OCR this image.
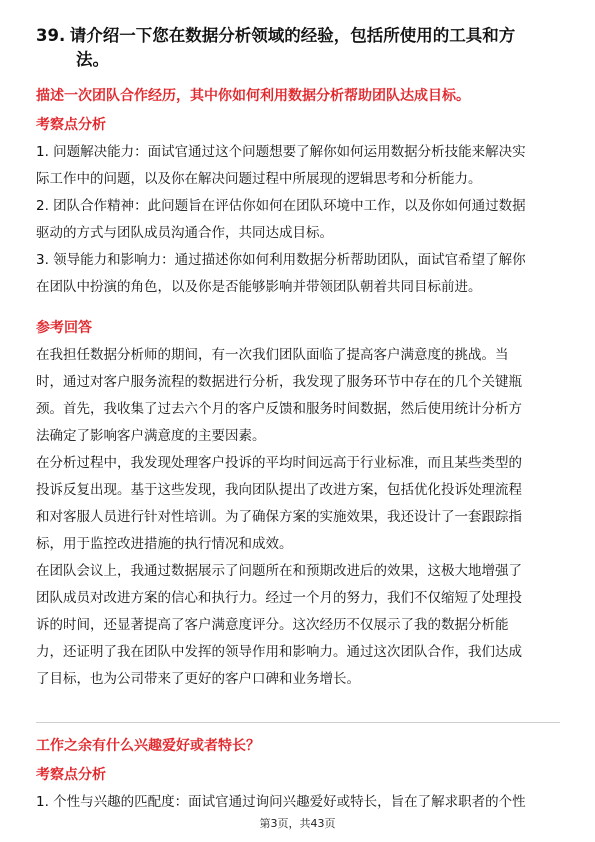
39. 请介绍一下您在数据分析领域的经验，包括所使用的工具和方
法。
描述一次团队合作经历，其中你如何利用数据分析帮助团队达成目标。
考察点分析
1. 问题解决能力：面试官通过这个问题想要了解你如何运用数据分析技能来解决实
际工作中的问题，以及你在解决问题过程中所展现的逻辑思考和分析能力。
2. 团队合作精神：此问题旨在评估你如何在团队环境中工作，以及你如何通过数据
驱动的方式与团队成员沟通合作，共同达成目标。
3. 领导能力和影响力：通过描述你如何利用数据分析帮助团队，面试官希望了解你
在团队中扮演的角色，以及你是否能够影响并带领团队朝着共同目标前进。
参考回答
在我担任数据分析师的期间，有一次我们团队面临了提高客户满意度的挑战。当
时，通过对客户服务流程的数据进行分析，我发现了服务环节中存在的几个关键瓶
颈。首先，我收集了过去六个月的客户反馈和服务时间数据，然后使用统计分析方
法确定了影响客户满意度的主要因素。
在分析过程中，我发现处理客户投诉的平均时间远高于行业标准，而且某些类型的
投诉反复出现。基于这些发现，我向团队提出了改进方案，包括优化投诉处理流程
和对客服人员进行针对性培训。为了确保方案的实施效果，我还设计了一套跟踪指
标，用于监控改进措施的执行情况和成效。
在团队会议上，我通过数据展示了问题所在和预期改进后的效果，这极大地增强了
团队成员对改进方案的信心和执行力。经过一个月的努力，我们不仅缩短了处理投
诉的时间，还显著提高了客户满意度评分。这次经历不仅展示了我的数据分析能
力，还证明了我在团队中发挥的领导作用和影响力。通过这次团队合作，我们达成
了目标，也为公司带来了更好的客户口碑和业务增长。
工作之余有什么兴趣爱好或者特长？
考察点分析
1. 个性与兴趣的匹配度：面试官通过询问兴趣爱好或特长，旨在了解求职者的个性
第3页，共43页
